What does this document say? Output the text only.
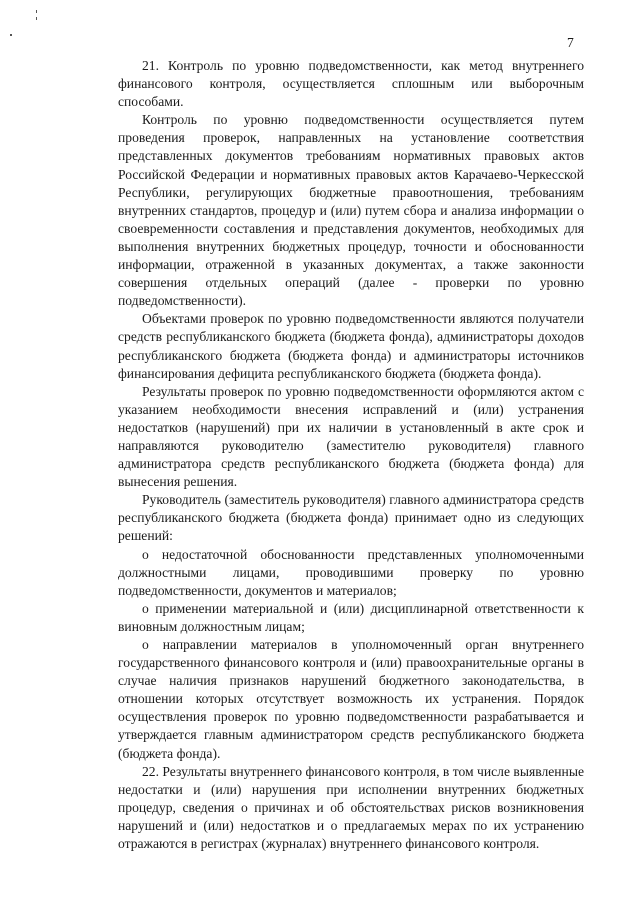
7

21. Контроль по уровню подведомственности, как метод внутреннего финансового контроля, осуществляется сплошным или выборочным способами.

Контроль по уровню подведомственности осуществляется путем проведения проверок, направленных на установление соответствия представленных документов требованиям нормативных правовых актов Российской Федерации и нормативных правовых актов Карачаево-Черкесской Республики, регулирующих бюджетные правоотношения, требованиям внутренних стандартов, процедур и (или) путем сбора и анализа информации о своевременности составления и представления документов, необходимых для выполнения внутренних бюджетных процедур, точности и обоснованности информации, отраженной в указанных документах, а также законности совершения отдельных операций (далее - проверки по уровню подведомственности).

Объектами проверок по уровню подведомственности являются получатели средств республиканского бюджета (бюджета фонда), администраторы доходов республиканского бюджета (бюджета фонда) и администраторы источников финансирования дефицита республиканского бюджета (бюджета фонда).

Результаты проверок по уровню подведомственности оформляются актом с указанием необходимости внесения исправлений и (или) устранения недостатков (нарушений) при их наличии в установленный в акте срок и направляются руководителю (заместителю руководителя) главного администратора средств республиканского бюджета (бюджета фонда) для вынесения решения.

Руководитель (заместитель руководителя) главного администратора средств республиканского бюджета (бюджета фонда) принимает одно из следующих решений:

о недостаточной обоснованности представленных уполномоченными должностными лицами, проводившими проверку по уровню подведомственности, документов и материалов;

о применении материальной и (или) дисциплинарной ответственности к виновным должностным лицам;

о направлении материалов в уполномоченный орган внутреннего государственного финансового контроля и (или) правоохранительные органы в случае наличия признаков нарушений бюджетного законодательства, в отношении которых отсутствует возможность их устранения. Порядок осуществления проверок по уровню подведомственности разрабатывается и утверждается главным администратором средств республиканского бюджета (бюджета фонда).

22. Результаты внутреннего финансового контроля, в том числе выявленные недостатки и (или) нарушения при исполнении внутренних бюджетных процедур, сведения о причинах и об обстоятельствах рисков возникновения нарушений и (или) недостатков и о предлагаемых мерах по их устранению отражаются в регистрах (журналах) внутреннего финансового контроля.
